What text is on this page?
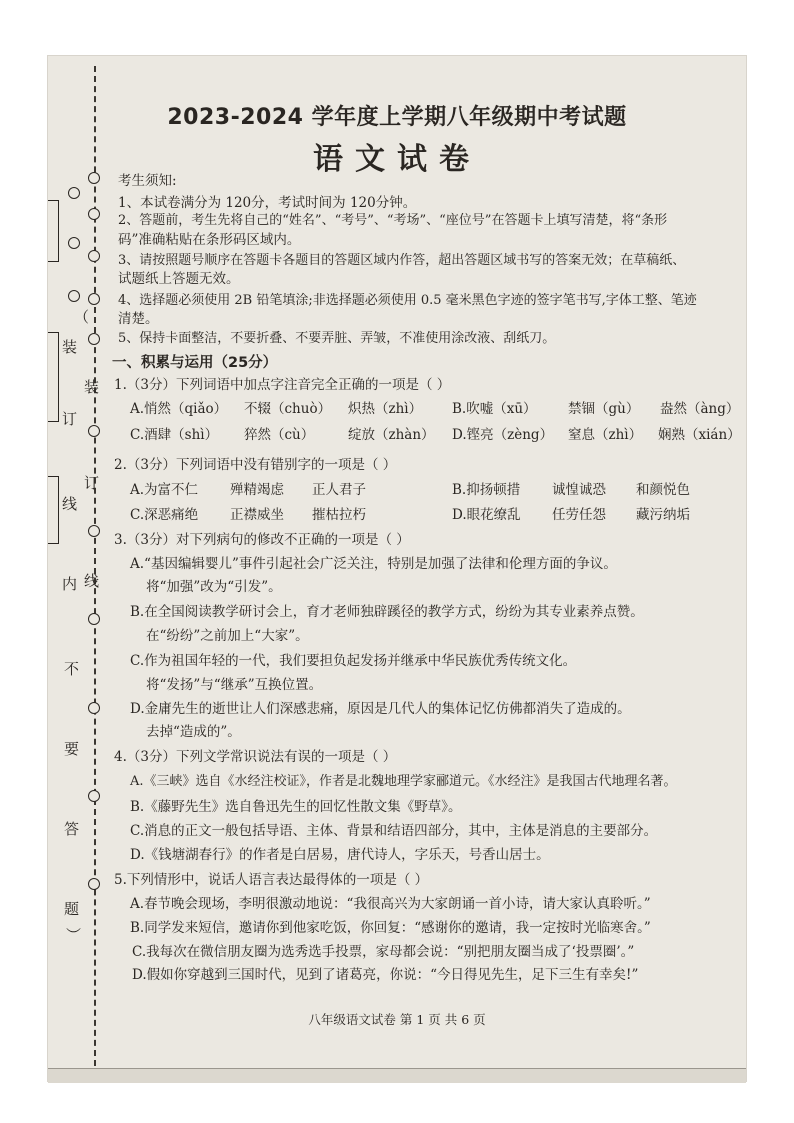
（
装
装
订
订
线
内 线
不
要
答
题
）
2023-2024 学年度上学期八年级期中考试题
语文试卷
考生须知:
1、本试卷满分为 120分，考试时间为 120分钟。
2、答题前，考生先将自己的“姓名”、“考号”、“考场”、“座位号”在答题卡上填写清楚，将“条形
码”准确粘贴在条形码区域内。
3、请按照题号顺序在答题卡各题目的答题区域内作答，超出答题区域书写的答案无效；在草稿纸、
试题纸上答题无效。
4、选择题必须使用 2B 铅笔填涂;非选择题必须使用 0.5 毫米黑色字迹的签字笔书写,字体工整、笔迹
清楚。
5、保持卡面整洁，不要折叠、不要弄脏、弄皱，不准使用涂改液、刮纸刀。
一、积累与运用（25分）
1.（3分）下列词语中加点字注音完全正确的一项是（ ）
A.悄然（qiǎo） 不辍（chuò） 炽热（zhì） B.吹嘘（xū） 禁锢（gù） 盎然（àng）
C.酒肆（shì） 猝然（cù） 绽放（zhàn） D.铿亮（zèng） 窒息（zhì） 娴熟（xián）
2.（3分）下列词语中没有错别字的一项是（ ）
A.为富不仁 殚精竭虑 正人君子	B.抑扬顿措 诚惶诚恐 和颜悦色
C.深恶痛绝 正襟威坐 摧枯拉朽	D.眼花缭乱 任劳任怨 藏污纳垢
3.（3分）对下列病句的修改不正确的一项是（ ）
A.“基因编辑婴儿”事件引起社会广泛关注，特别是加强了法律和伦理方面的争议。
将“加强”改为“引发”。
B.在全国阅读教学研讨会上，育才老师独辟蹊径的教学方式，纷纷为其专业素养点赞。
在“纷纷”之前加上“大家”。
C.作为祖国年轻的一代，我们要担负起发扬并继承中华民族优秀传统文化。
将“发扬”与“继承”互换位置。
D.金庸先生的逝世让人们深感悲痛，原因是几代人的集体记忆仿佛都消失了造成的。
去掉“造成的”。
4.（3分）下列文学常识说法有误的一项是（ ）
A.《三峡》选自《水经注校证》，作者是北魏地理学家郦道元。《水经注》是我国古代地理名著。
B.《藤野先生》选自鲁迅先生的回忆性散文集《野草》。
C.消息的正文一般包括导语、主体、背景和结语四部分，其中，主体是消息的主要部分。
D.《钱塘湖春行》的作者是白居易，唐代诗人，字乐天，号香山居士。
5.下列情形中，说话人语言表达最得体的一项是（ ）
A.春节晚会现场，李明很激动地说：“我很高兴为大家朗诵一首小诗，请大家认真聆听。”
B.同学发来短信，邀请你到他家吃饭，你回复：“感谢你的邀请，我一定按时光临寒舍。”
C.我每次在微信朋友圈为选秀选手投票，家母都会说：“别把朋友圈当成了‘投票圈’。”
D.假如你穿越到三国时代，见到了诸葛亮，你说：“今日得见先生，足下三生有幸矣!”
八年级语文试卷 第 1 页 共 6 页
